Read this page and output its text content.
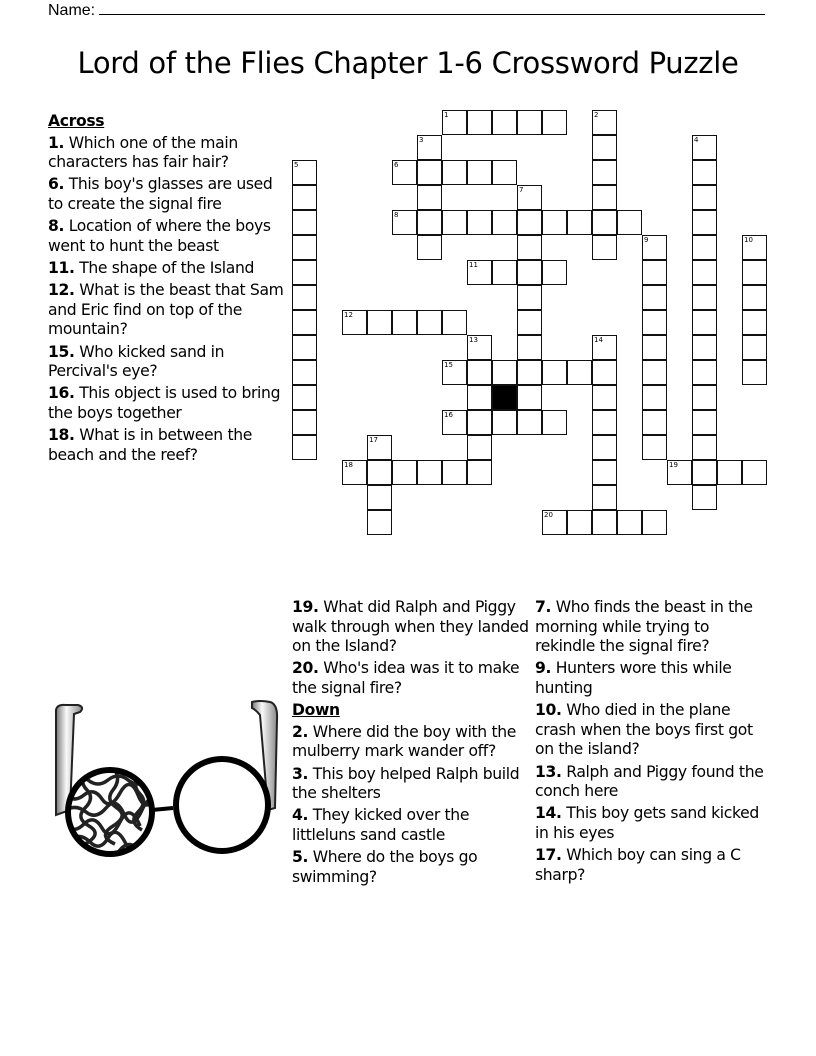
Name:
Lord of the Flies Chapter 1-6 Crossword Puzzle
Across
1. Which one of the main characters has fair hair?
6. This boy's glasses are used to create the signal fire
8. Location of where the boys went to hunt the beast
11. The shape of the Island
12. What is the beast that Sam and Eric find on top of the mountain?
15. Who kicked sand in Percival's eye?
16. This object is used to bring the boys together
18. What is in between the beach and the reef?
19. What did Ralph and Piggy walk through when they landed on the Island?
20. Who's idea was it to make the signal fire?
Down
2. Where did the boy with the mulberry mark wander off?
3. This boy helped Ralph build the shelters
4. They kicked over the littleluns sand castle
5. Where do the boys go swimming?
7. Who finds the beast in the morning while trying to rekindle the signal fire?
9. Hunters wore this while hunting
10. Who died in the plane crash when the boys first got on the island?
13. Ralph and Piggy found the conch here
14. This boy gets sand kicked in his eyes
17. Which boy can sing a C sharp?
1	2
3	4
5	6
7
8
9	10
11
12
13	14
15
16
17
18	19
20
